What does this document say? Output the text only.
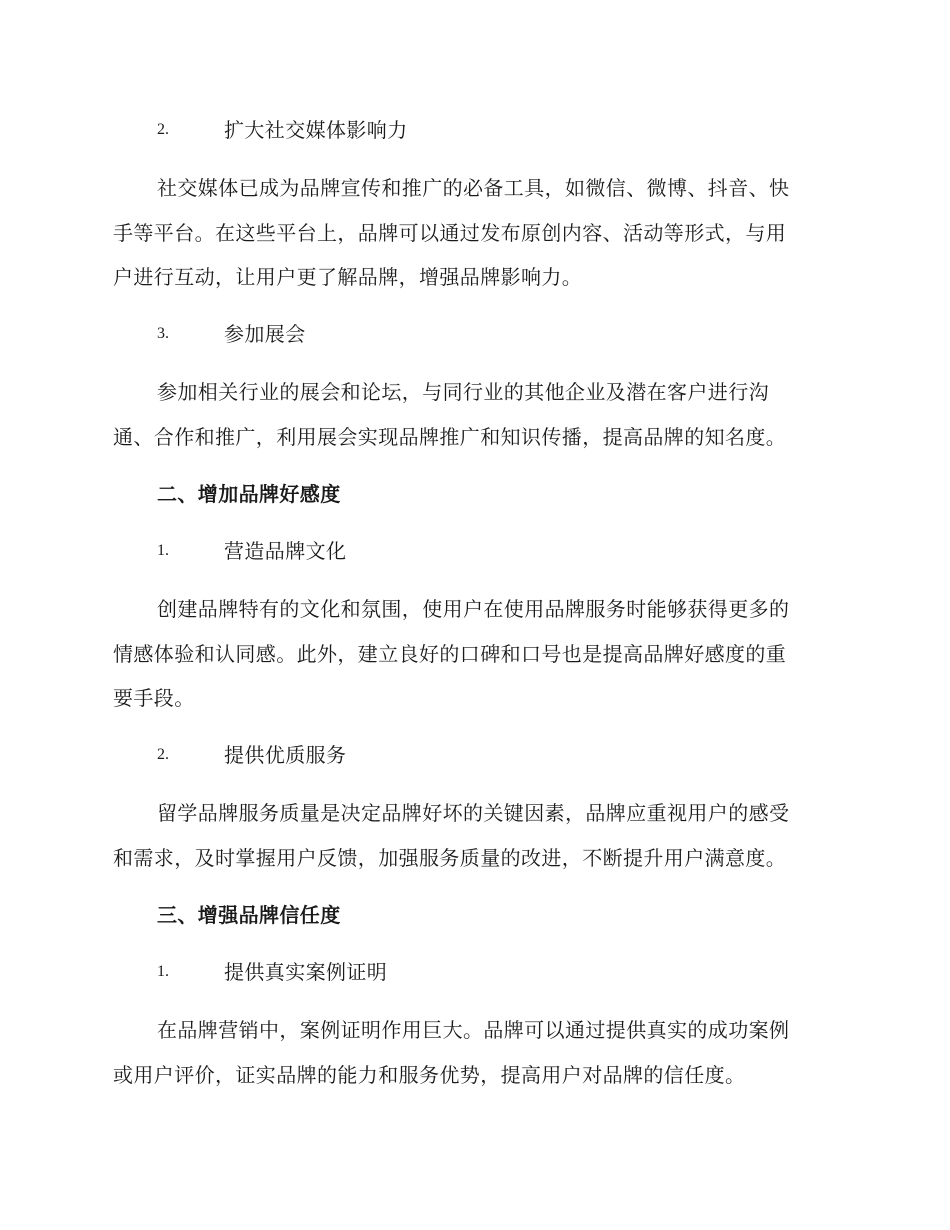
2.	扩大社交媒体影响力
社交媒体已成为品牌宣传和推广的必备工具，如微信、微博、抖音、快
手等平台。在这些平台上，品牌可以通过发布原创内容、活动等形式，与用
户进行互动，让用户更了解品牌，增强品牌影响力。
3.	参加展会
参加相关行业的展会和论坛，与同行业的其他企业及潜在客户进行沟
通、合作和推广，利用展会实现品牌推广和知识传播，提高品牌的知名度。
二、增加品牌好感度
1.	营造品牌文化
创建品牌特有的文化和氛围，使用户在使用品牌服务时能够获得更多的
情感体验和认同感。此外，建立良好的口碑和口号也是提高品牌好感度的重
要手段。
2.	提供优质服务
留学品牌服务质量是决定品牌好坏的关键因素，品牌应重视用户的感受
和需求，及时掌握用户反馈，加强服务质量的改进，不断提升用户满意度。
三、增强品牌信任度
1.	提供真实案例证明
在品牌营销中，案例证明作用巨大。品牌可以通过提供真实的成功案例
或用户评价，证实品牌的能力和服务优势，提高用户对品牌的信任度。
